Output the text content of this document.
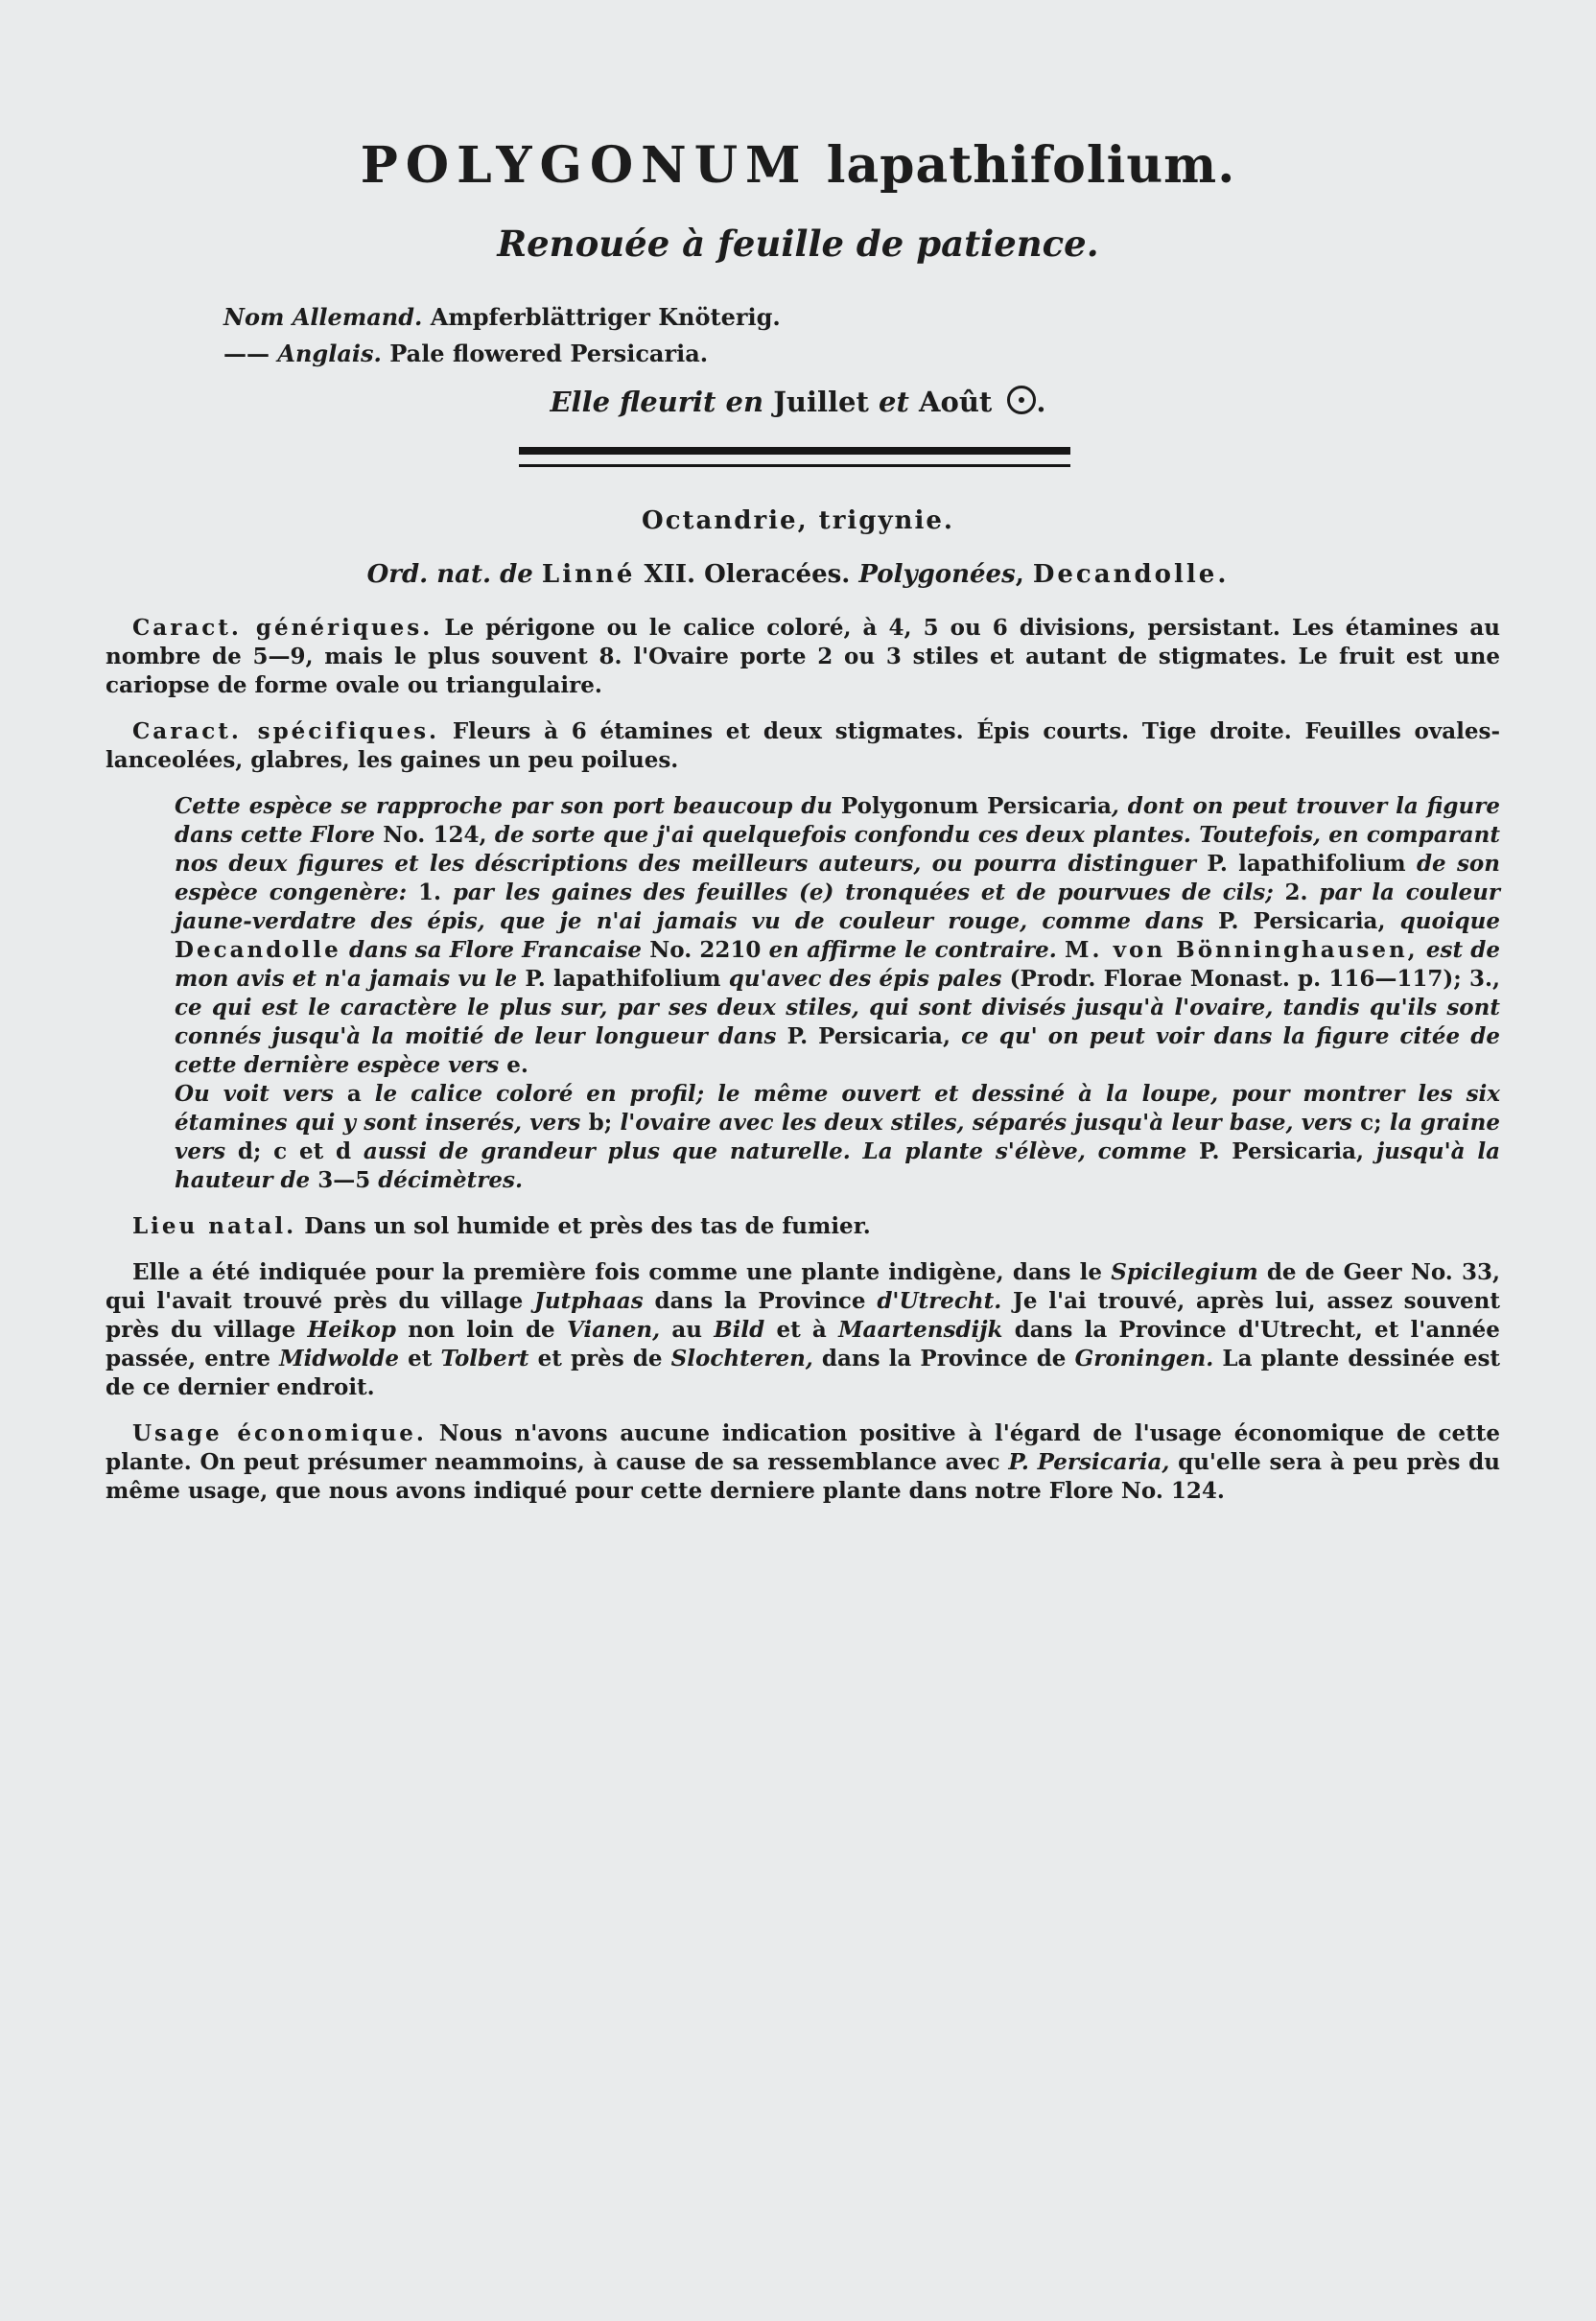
POLYGONUM lapathifolium.
Renouée à feuille de patience.
Nom Allemand. Ampferblättriger Knöterig.
—— Anglais. Pale flowered Persicaria.
Elle fleurit en Juillet et Août .
Octandrie, trigynie.
Ord. nat. de Linné XII. Oleracées. Polygonées, Decandolle.

Caract. génériques. Le périgone ou le calice coloré, à 4, 5 ou 6 divisions, persistant. Les étamines au nombre de 5—9, mais le plus souvent 8. l'Ovaire porte 2 ou 3 stiles et autant de stigmates. Le fruit est une cariopse de forme ovale ou triangulaire.

Caract. spécifiques. Fleurs à 6 étamines et deux stigmates. Épis courts. Tige droite. Feuilles ovales-lanceolées, glabres, les gaines un peu poilues.

Cette espèce se rapproche par son port beaucoup du Polygonum Persicaria, dont on peut trouver la figure dans cette Flore No. 124, de sorte que j'ai quelquefois confondu ces deux plantes. Toutefois, en comparant nos deux figures et les déscriptions des meilleurs auteurs, ou pourra distinguer P. lapathifolium de son espèce congenère: 1. par les gaines des feuilles (e) tronquées et de pourvues de cils; 2. par la couleur jaune-verdatre des épis, que je n'ai jamais vu de couleur rouge, comme dans P. Persicaria, quoique Decandolle dans sa Flore Francaise No. 2210 en affirme le contraire. M. von Bönninghausen, est de mon avis et n'a jamais vu le P. lapathifolium qu'avec des épis pales (Prodr. Florae Monast. p. 116—117); 3., ce qui est le caractère le plus sur, par ses deux stiles, qui sont divisés jusqu'à l'ovaire, tandis qu'ils sont connés jusqu'à la moitié de leur longueur dans P. Persicaria, ce qu' on peut voir dans la figure citée de cette dernière espèce vers e.

Ou voit vers a le calice coloré en profil; le même ouvert et dessiné à la loupe, pour montrer les six étamines qui y sont inserés, vers b; l'ovaire avec les deux stiles, séparés jusqu'à leur base, vers c; la graine vers d; c et d aussi de grandeur plus que naturelle. La plante s'élève, comme P. Persicaria, jusqu'à la hauteur de 3—5 décimètres.

Lieu natal. Dans un sol humide et près des tas de fumier.

Elle a été indiquée pour la première fois comme une plante indigène, dans le Spicilegium de de Geer No. 33, qui l'avait trouvé près du village Jutphaas dans la Province d'Utrecht. Je l'ai trouvé, après lui, assez souvent près du village Heikop non loin de Vianen, au Bild et à Maartensdijk dans la Province d'Utrecht, et l'année passée, entre Midwolde et Tolbert et près de Slochteren, dans la Province de Groningen. La plante dessinée est de ce dernier endroit.

Usage économique. Nous n'avons aucune indication positive à l'égard de l'usage économique de cette plante. On peut présumer neammoins, à cause de sa ressemblance avec P. Persicaria, qu'elle sera à peu près du même usage, que nous avons indiqué pour cette derniere plante dans notre Flore No. 124.
